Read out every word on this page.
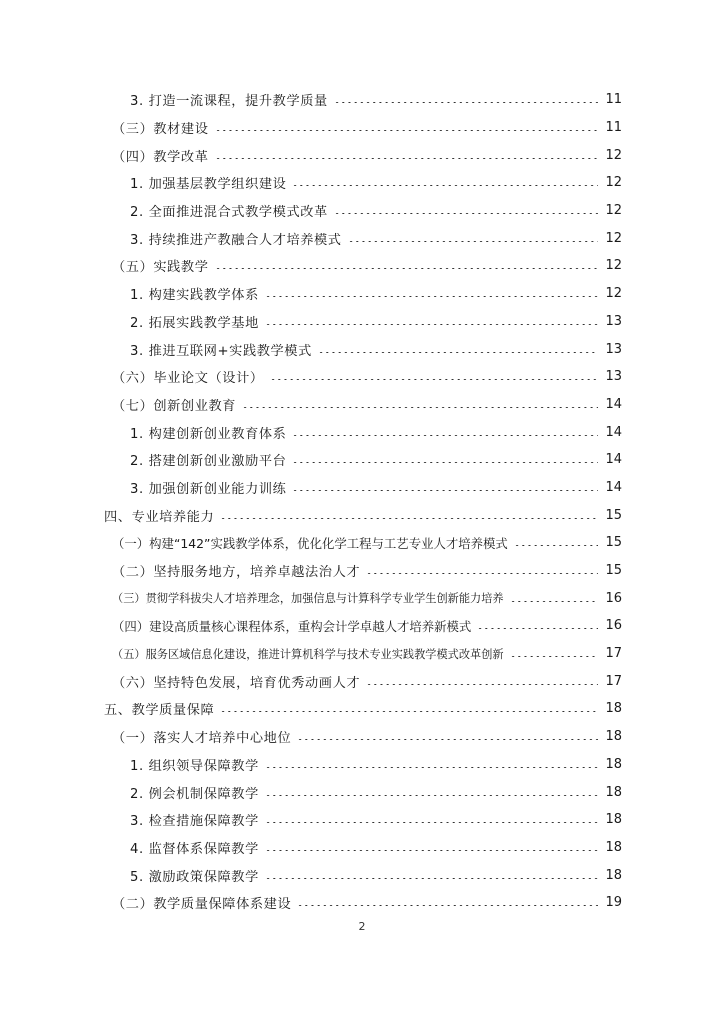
3. 打造一流课程，提升教学质量	11
（三）教材建设	11
（四）教学改革	12
1. 加强基层教学组织建设	12
2. 全面推进混合式教学模式改革	12
3. 持续推进产教融合人才培养模式	12
（五）实践教学	12
1. 构建实践教学体系	12
2. 拓展实践教学基地	13
3. 推进互联网+实践教学模式	13
（六）毕业论文（设计）	13
（七）创新创业教育	14
1. 构建创新创业教育体系	14
2. 搭建创新创业激励平台	14
3. 加强创新创业能力训练	14
四、专业培养能力	15
（一）构建“142”实践教学体系，优化化学工程与工艺专业人才培养模式	15
（二）坚持服务地方，培养卓越法治人才	15
（三）贯彻学科拔尖人才培养理念，加强信息与计算科学专业学生创新能力培养	16
（四）建设高质量核心课程体系，重构会计学卓越人才培养新模式	16
（五）服务区域信息化建设，推进计算机科学与技术专业实践教学模式改革创新	17
（六）坚持特色发展，培育优秀动画人才	17
五、教学质量保障	18
（一）落实人才培养中心地位	18
1. 组织领导保障教学	18
2. 例会机制保障教学	18
3. 检查措施保障教学	18
4. 监督体系保障教学	18
5. 激励政策保障教学	18
（二）教学质量保障体系建设	19
2
